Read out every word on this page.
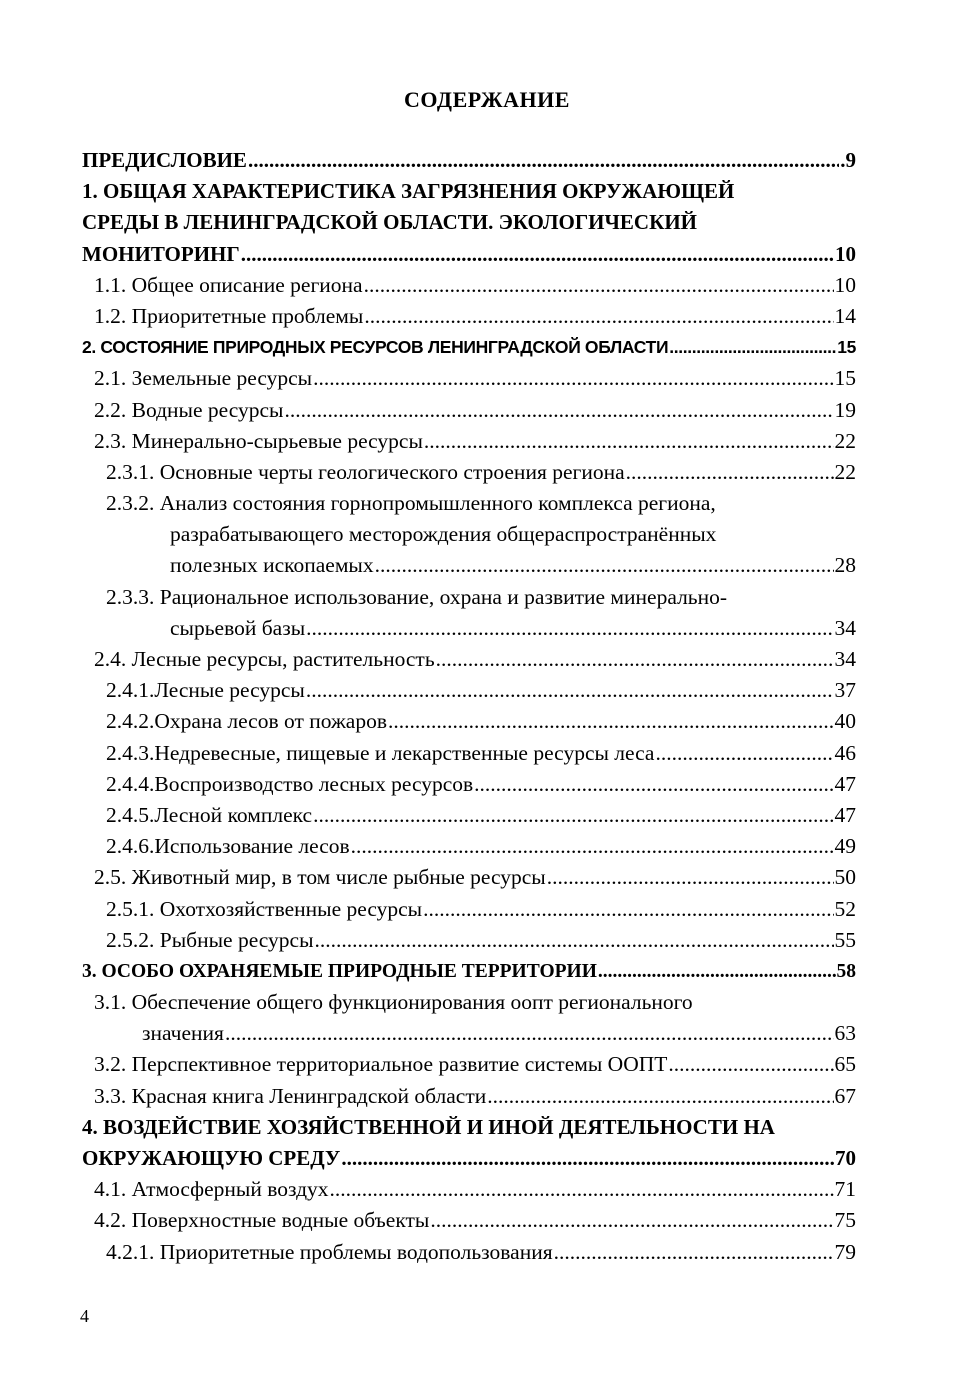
СОДЕРЖАНИЕ
ПРЕДИСЛОВИЕ .....	.9
1. ОБЩАЯ ХАРАКТЕРИСТИКА ЗАГРЯЗНЕНИЯ ОКРУЖАЮЩЕЙ
СРЕДЫ В ЛЕНИНГРАДСКОЙ ОБЛАСТИ. ЭКОЛОГИЧЕСКИЙ
МОНИТОРИНГ .....	10
1.1. Общее описание региона .....	10
1.2. Приоритетные проблемы .....	14
2. СОСТОЯНИЕ ПРИРОДНЫХ РЕСУРСОВ ЛЕНИНГРАДСКОЙ ОБЛАСТИ .....	15
2.1. Земельные ресурсы .....	15
2.2. Водные ресурсы .....	19
2.3. Минерально-сырьевые ресурсы .....	22
2.3.1. Основные черты геологического строения региона .....	22
2.3.2. Анализ состояния горнопромышленного комплекса региона,
разрабатывающего месторождения общераспространённых
полезных ископаемых .....	28
2.3.3. Рациональное использование, охрана и развитие минерально-
сырьевой базы .....	34
2.4. Лесные ресурсы, растительность .....	34
2.4.1.Лесные ресурсы .....	37
2.4.2.Охрана лесов от пожаров .....	40
2.4.3.Недревесные, пищевые и лекарственные ресурсы леса .....	46
2.4.4.Воспроизводство лесных ресурсов .....	47
2.4.5.Лесной комплекс .....	47
2.4.6.Использование лесов .....	49
2.5. Животный мир, в том числе рыбные ресурсы .....	50
2.5.1. Охотхозяйственные ресурсы .....	52
2.5.2. Рыбные ресурсы .....	55
3. ОСОБО ОХРАНЯЕМЫЕ ПРИРОДНЫЕ ТЕРРИТОРИИ .....	58
3.1. Обеспечение общего функционирования оопт регионального
значения .....	63
3.2. Перспективное территориальное развитие системы ООПТ .....	65
3.3. Красная книга Ленинградской области .....	67
4. ВОЗДЕЙСТВИЕ ХОЗЯЙСТВЕННОЙ И ИНОЙ ДЕЯТЕЛЬНОСТИ НА
ОКРУЖАЮЩУЮ СРЕДУ .....	70
4.1. Атмосферный воздух .....	71
4.2. Поверхностные водные объекты .....	75
4.2.1. Приоритетные проблемы водопользования .....	79
4
